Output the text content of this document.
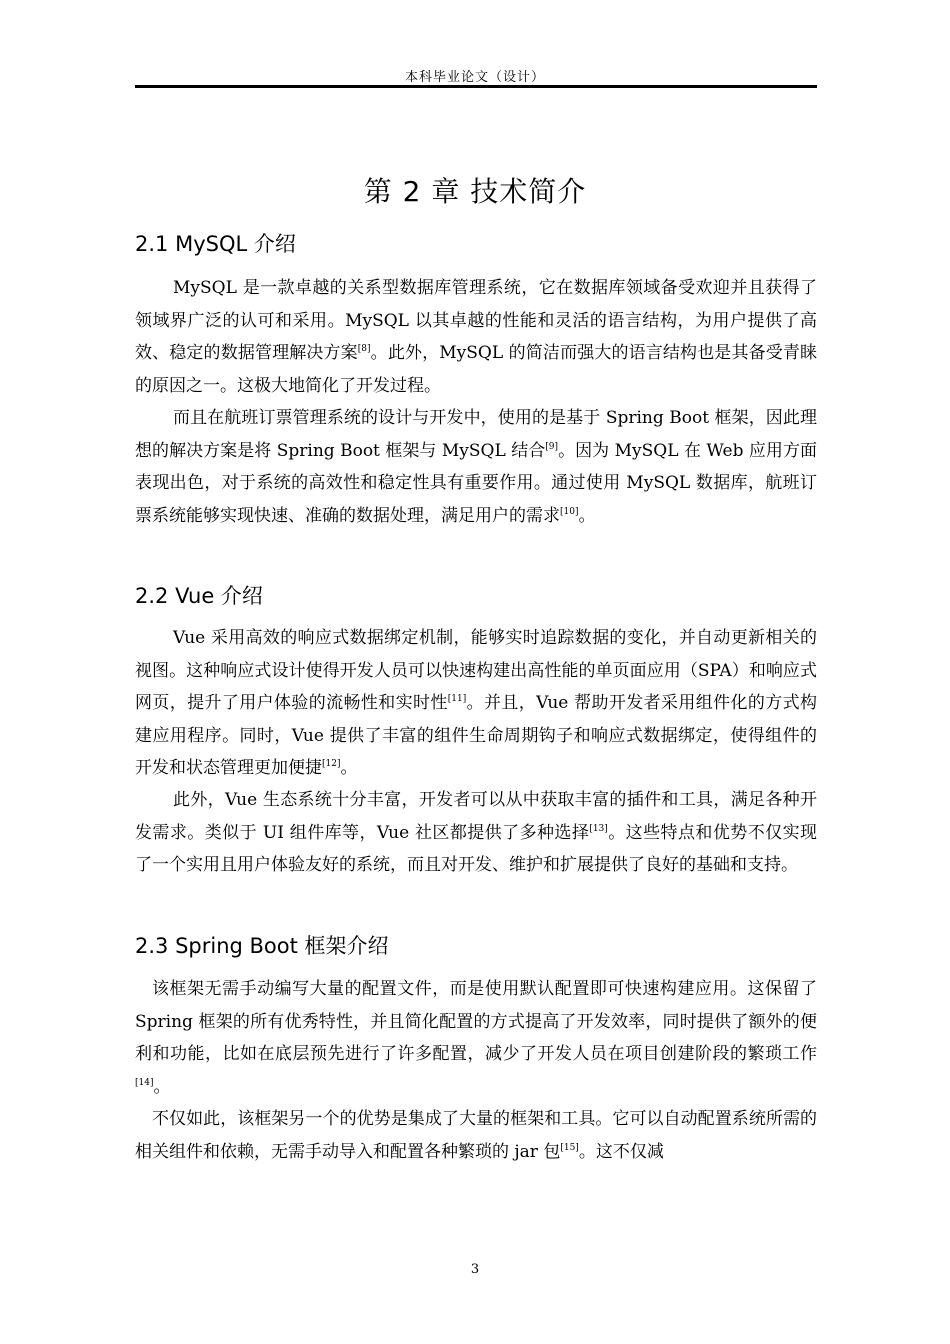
本科毕业论文（设计）
第 2 章 技术简介
2.1 MySQL 介绍

MySQL 是一款卓越的关系型数据库管理系统，它在数据库领域备受欢迎并且获得了领域界广泛的认可和采用。MySQL 以其卓越的性能和灵活的语言结构，为用户提供了高效、稳定的数据管理解决方案[8]。此外，MySQL 的简洁而强大的语言结构也是其备受青睐的原因之一。这极大地简化了开发过程。

而且在航班订票管理系统的设计与开发中，使用的是基于 Spring Boot 框架，因此理想的解决方案是将 Spring Boot 框架与 MySQL 结合[9]。因为 MySQL 在 Web 应用方面表现出色，对于系统的高效性和稳定性具有重要作用。通过使用 MySQL 数据库，航班订票系统能够实现快速、准确的数据处理，满足用户的需求[10]。

2.2 Vue 介绍

Vue 采用高效的响应式数据绑定机制，能够实时追踪数据的变化，并自动更新相关的视图。这种响应式设计使得开发人员可以快速构建出高性能的单页面应用（SPA）和响应式网页，提升了用户体验的流畅性和实时性[11]。并且，Vue 帮助开发者采用组件化的方式构建应用程序。同时，Vue 提供了丰富的组件生命周期钩子和响应式数据绑定，使得组件的开发和状态管理更加便捷[12]。

此外，Vue 生态系统十分丰富，开发者可以从中获取丰富的插件和工具，满足各种开发需求。类似于 UI 组件库等，Vue 社区都提供了多种选择[13]。这些特点和优势不仅实现了一个实用且用户体验友好的系统，而且对开发、维护和扩展提供了良好的基础和支持。

2.3 Spring Boot 框架介绍

该框架无需手动编写大量的配置文件，而是使用默认配置即可快速构建应用。这保留了 Spring 框架的所有优秀特性，并且简化配置的方式提高了开发效率，同时提供了额外的便利和功能，比如在底层预先进行了许多配置，减少了开发人员在项目创建阶段的繁琐工作[14]。

不仅如此，该框架另一个的优势是集成了大量的框架和工具。它可以自动配置系统所需的相关组件和依赖，无需手动导入和配置各种繁琐的 jar 包[15]。这不仅减

3
